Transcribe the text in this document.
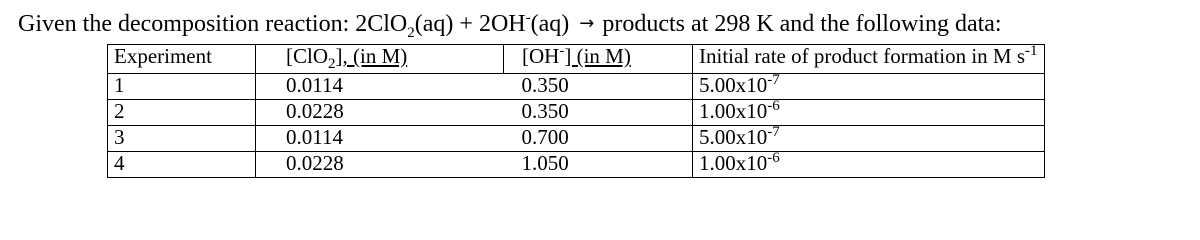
Given the decomposition reaction: 2ClO$_2$(aq) + 2OH-(aq) → products at 298 K and the following data:
Experiment	[ClO$_2$], (in M)	[OH-] (in M)	Initial rate of product formation in M $s^{-1}$
1	0.0114	0.350	$5.00x10^{-7}$
2	0.0228	0.350	$1.00x10^{-6}$
3	0.0114	0.700	$5.00x10^{-7}$
4	0.0228	1.050	$1.00x10^{-6}$
